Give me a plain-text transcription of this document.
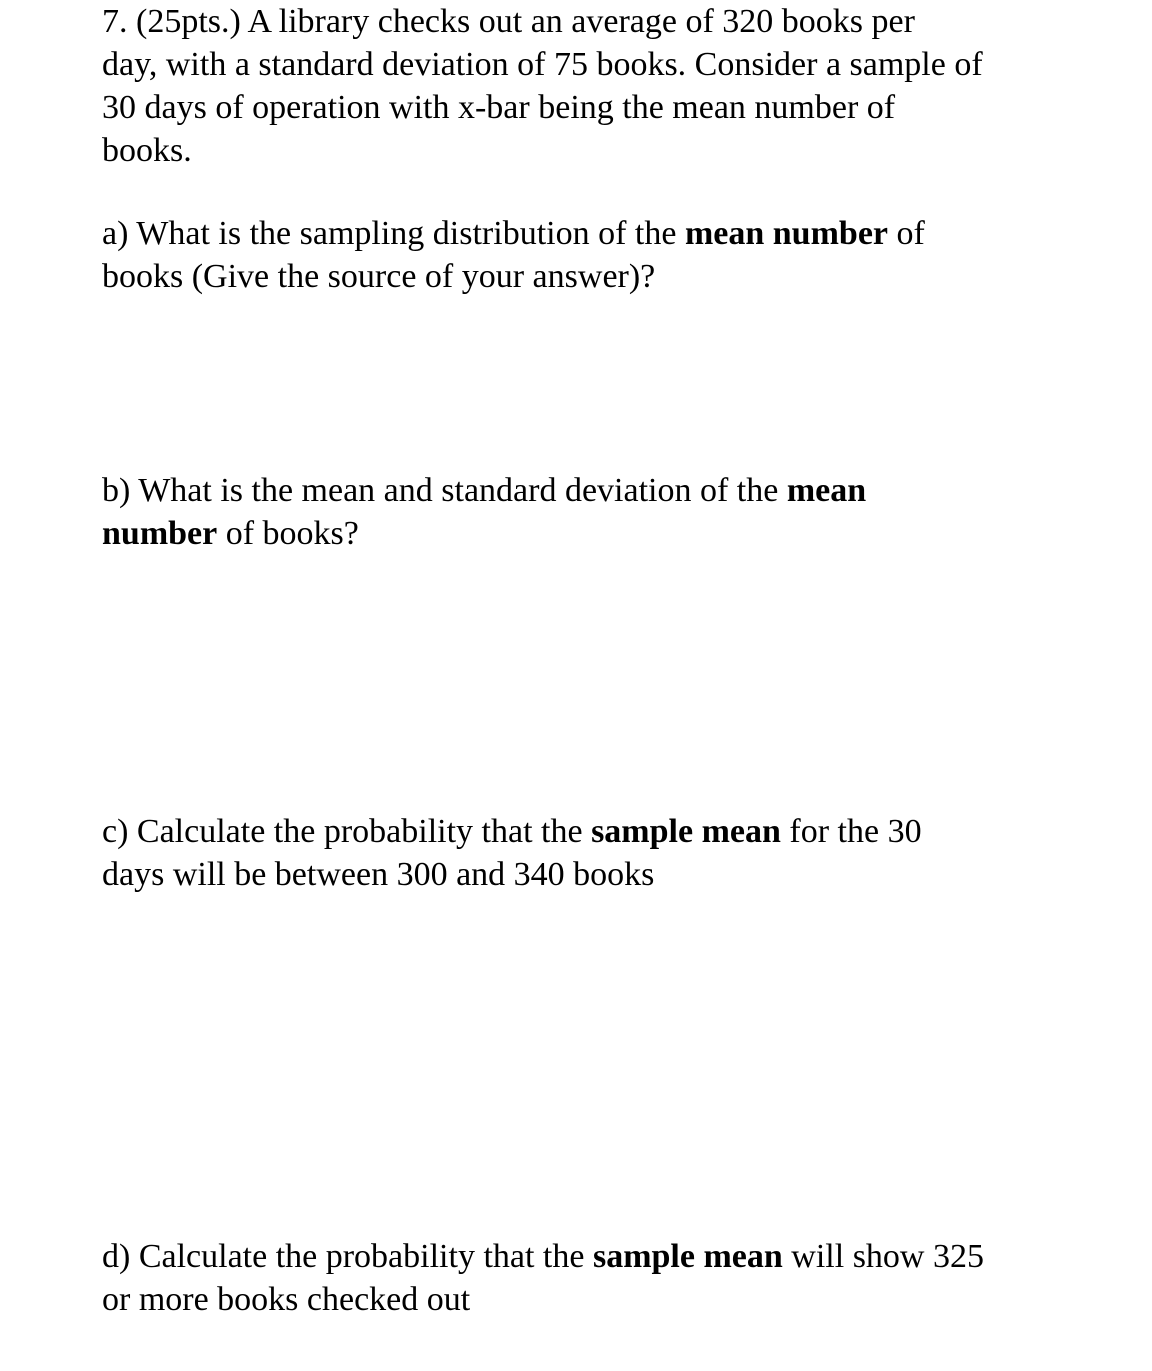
7. (25pts.) A library checks out an average of 320 books per
day, with a standard deviation of 75 books. Consider a sample of
30 days of operation with x-bar being the mean number of
books.
a) What is the sampling distribution of the mean number of
books (Give the source of your answer)?
b) What is the mean and standard deviation of the mean
number of books?
c) Calculate the probability that the sample mean for the 30
days will be between 300 and 340 books
d) Calculate the probability that the sample mean will show 325
or more books checked out
